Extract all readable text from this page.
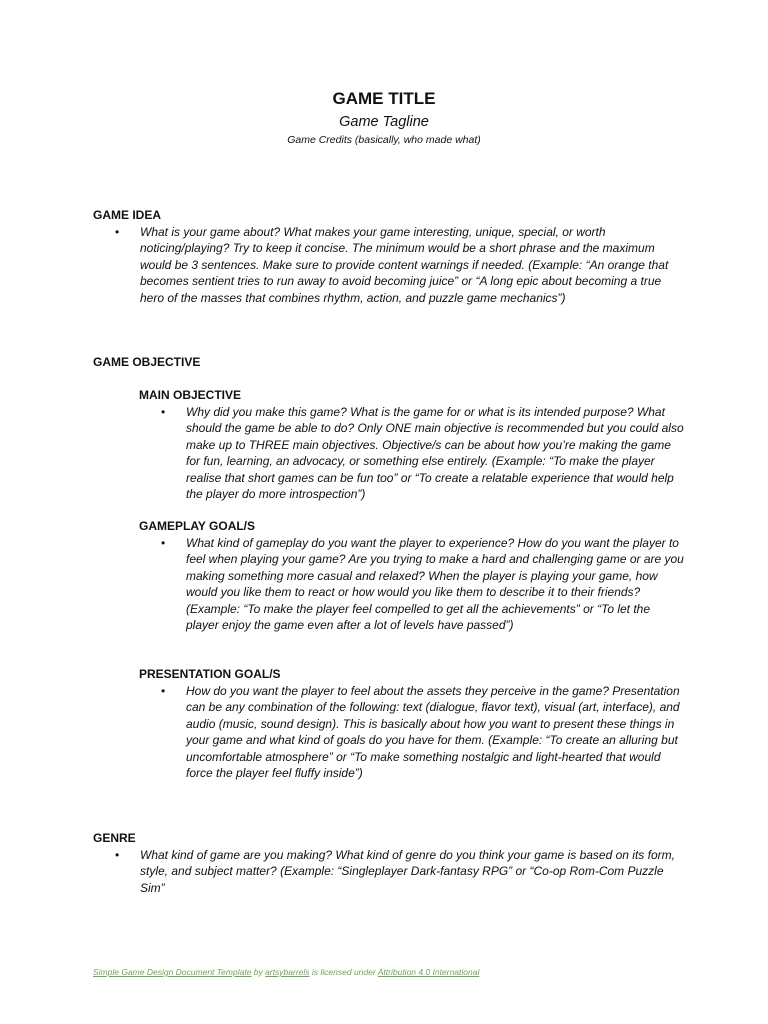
GAME TITLE

Game Tagline

Game Credits (basically, who made what)

GAME IDEA

• What is your game about? What makes your game interesting, unique, special, or worth noticing/playing? Try to keep it concise. The minimum would be a short phrase and the maximum would be 3 sentences. Make sure to provide content warnings if needed. (Example: “An orange that becomes sentient tries to run away to avoid becoming juice” or “A long epic about becoming a true hero of the masses that combines rhythm, action, and puzzle game mechanics”)

GAME OBJECTIVE

MAIN OBJECTIVE

• Why did you make this game? What is the game for or what is its intended purpose? What should the game be able to do? Only ONE main objective is recommended but you could also make up to THREE main objectives. Objective/s can be about how you’re making the game for fun, learning, an advocacy, or something else entirely. (Example: “To make the player realise that short games can be fun too” or “To create a relatable experience that would help the player do more introspection”)

GAMEPLAY GOAL/S

• What kind of gameplay do you want the player to experience? How do you want the player to feel when playing your game? Are you trying to make a hard and challenging game or are you making something more casual and relaxed? When the player is playing your game, how would you like them to react or how would you like them to describe it to their friends? (Example: “To make the player feel compelled to get all the achievements” or “To let the player enjoy the game even after a lot of levels have passed”)

PRESENTATION GOAL/S

• How do you want the player to feel about the assets they perceive in the game? Presentation can be any combination of the following: text (dialogue, flavor text), visual (art, interface), and audio (music, sound design). This is basically about how you want to present these things in your game and what kind of goals do you have for them. (Example: “To create an alluring but uncomfortable atmosphere” or “To make something nostalgic and light-hearted that would force the player feel fluffy inside”)

GENRE

• What kind of game are you making? What kind of genre do you think your game is based on its form, style, and subject matter? (Example: “Singleplayer Dark-fantasy RPG” or “Co-op Rom-Com Puzzle Sim”
Simple Game Design Document Template by artsybarrels is licensed under Attribution 4.0 International
